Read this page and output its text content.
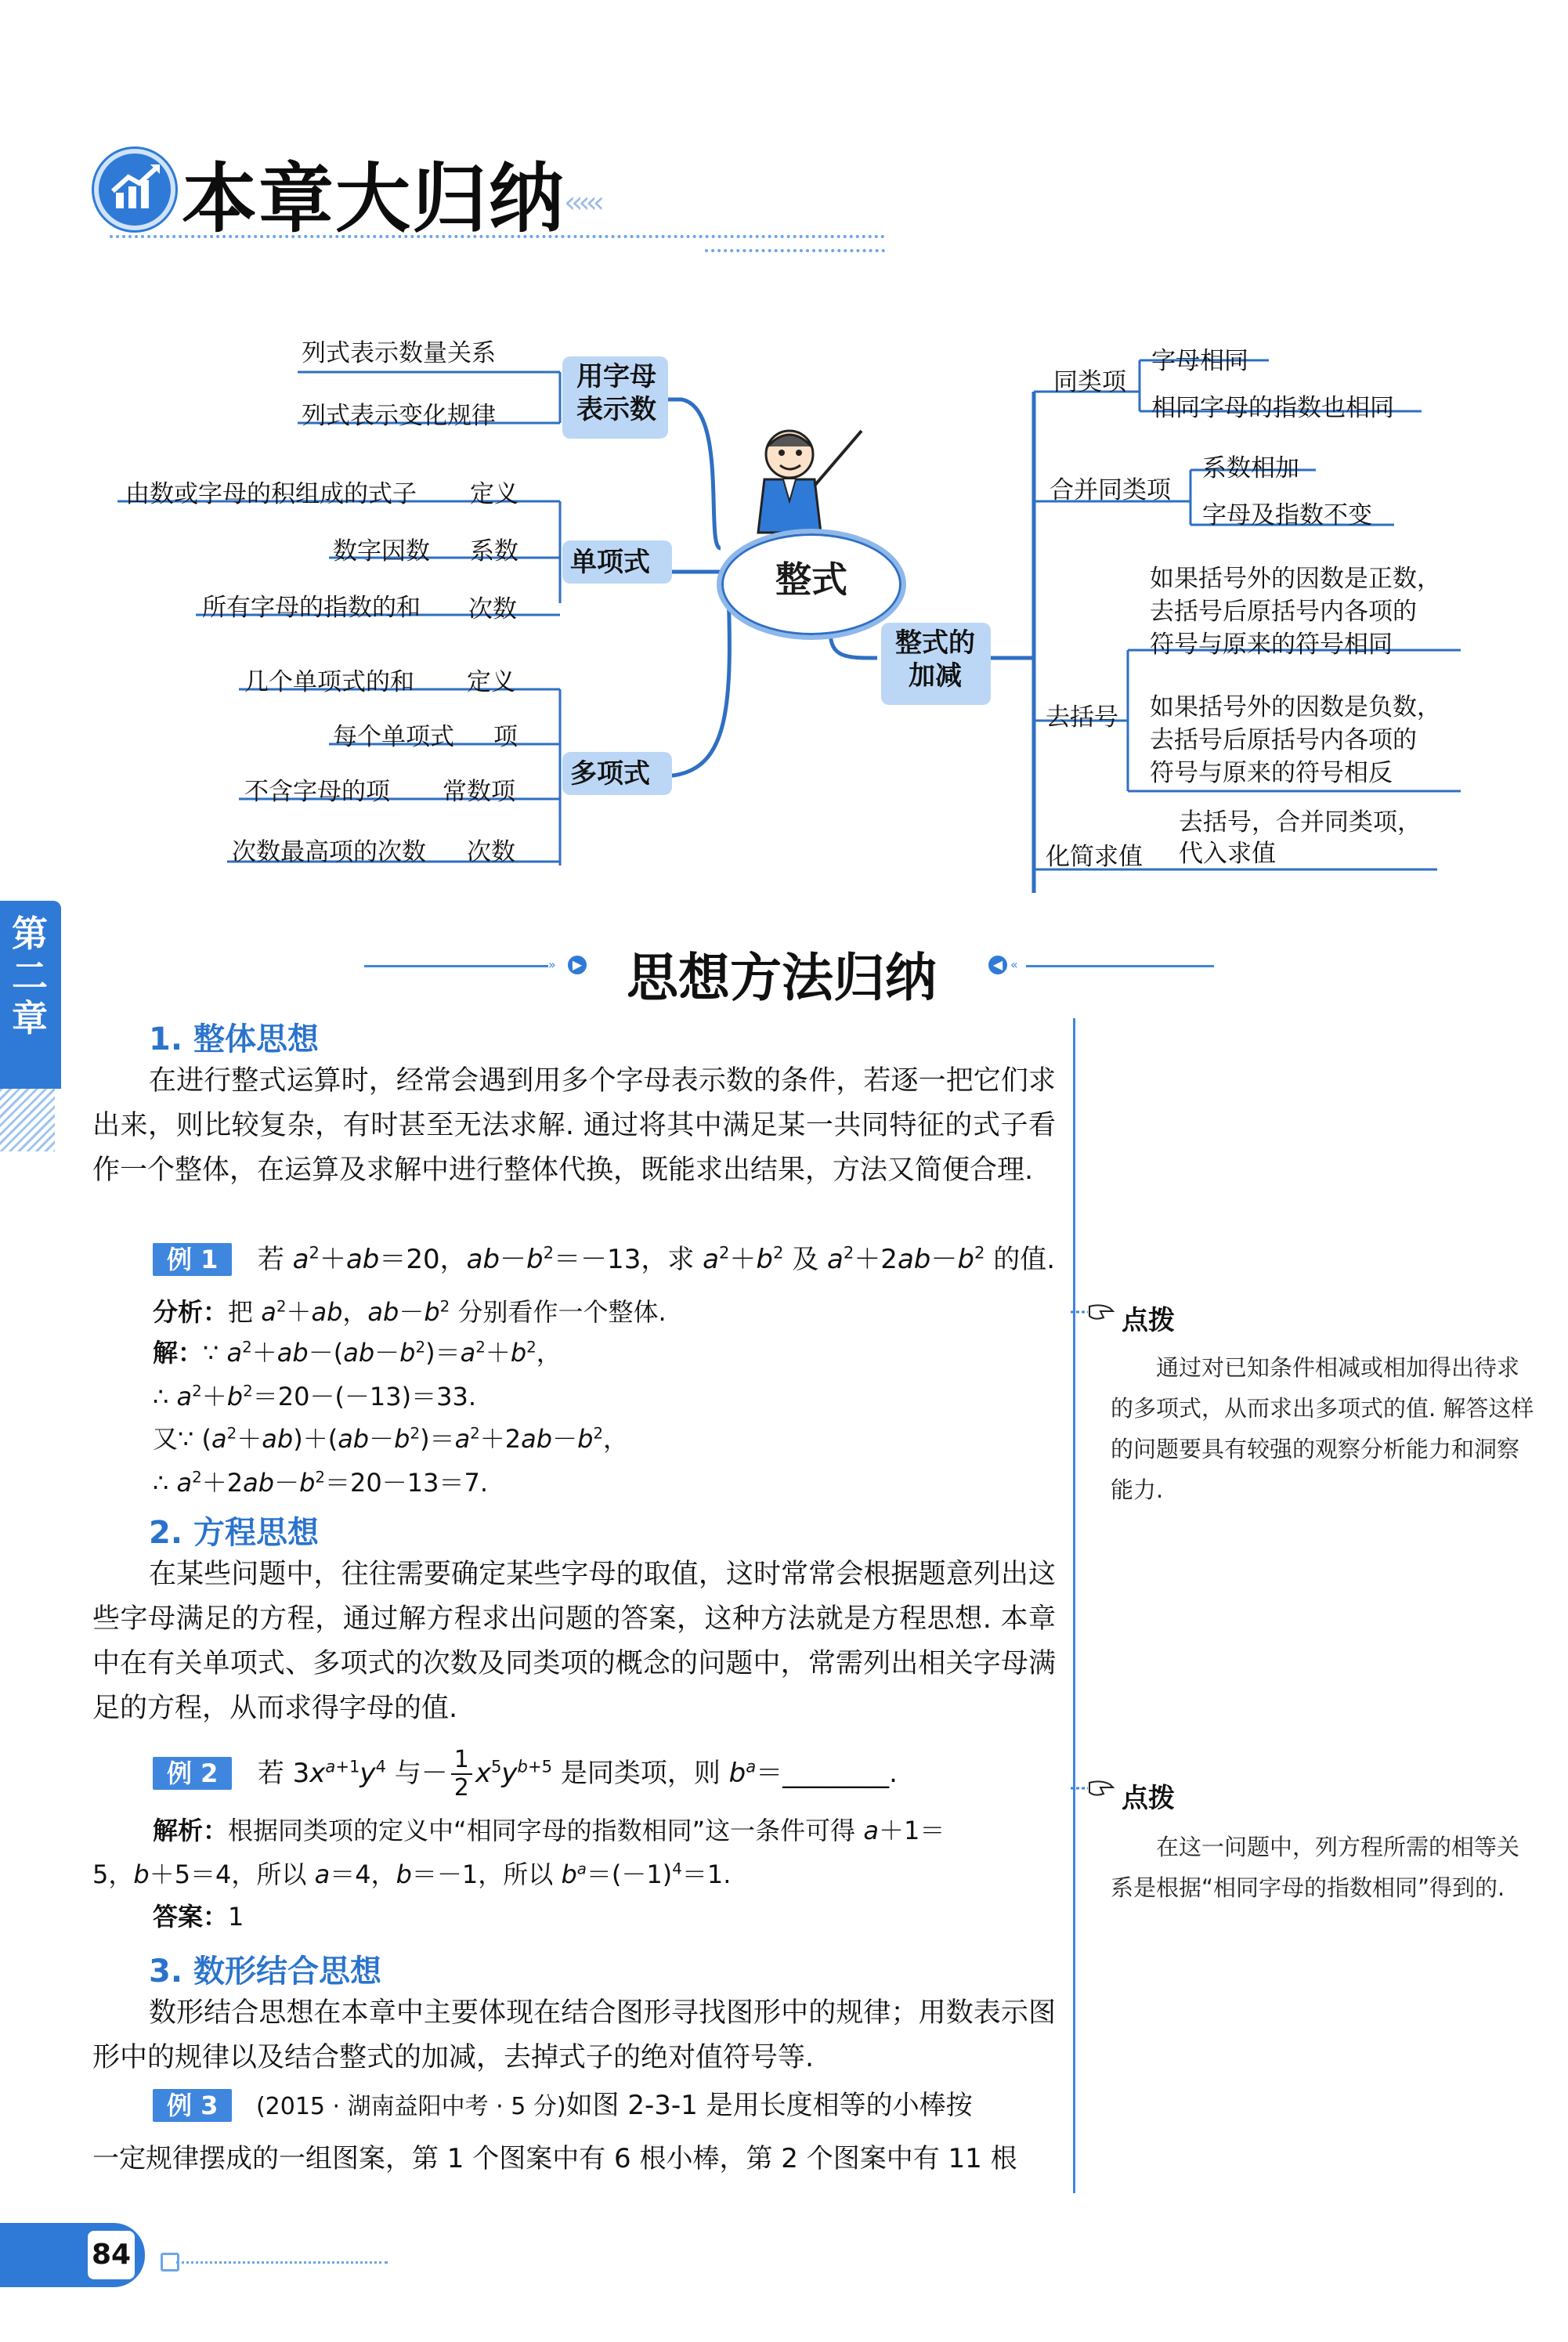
本章大归纳
‹‹‹‹‹
用字母
表示数
单项式
多项式
整式的
加减
整式
列式表示数量关系
列式表示变化规律
由数或字母的积组成的式子 定义
数字因数 系数
所有字母的指数的和 次数
几个单项式的和 定义
每个单项式 项
不含字母的项 常数项
次数最高项的次数 次数
同类项
字母相同
相同字母的指数也相同
合并同类项
系数相加
字母及指数不变
去括号
如果括号外的因数是正数，
去括号后原括号内各项的
符号与原来的符号相同
如果括号外的因数是负数，
去括号后原括号内各项的
符号与原来的符号相反
化简求值
去括号，合并同类项，
代入求值
第二章
»	▶ 思想方法归纳	◀ «
1. 整体思想
在进行整式运算时，经常会遇到用多个字母表示数的条件，若逐一把它们求出来，则比较复杂，有时甚至无法求解. 通过将其中满足某一共同特征的式子看作一个整体，在运算及求解中进行整体代换，既能求出结果，方法又简便合理.
例 1   若 $a^2+ab=20$，$ab-b^2=-13$，求 $a^2+b^2$ 及 $a^2+2ab-b^2$ 的值.
分析：把 $a^2+ab$，$ab-b^2$ 分别看作一个整体.
解：∵ $a^2+ab-(ab-b^2)=a^2+b^2$，
∴ $a^2+b^2=20-(-13)=33$.
又∵ $(a^2+ab)+(ab-b^2)=a^2+2ab-b^2$，
∴ $a^2+2ab-b^2=20-13=7$.
2. 方程思想
在某些问题中，往往需要确定某些字母的取值，这时常常会根据题意列出这些字母满足的方程，通过解方程求出问题的答案，这种方法就是方程思想. 本章中在有关单项式、多项式的次数及同类项的概念的问题中，常需列出相关字母满足的方程，从而求得字母的值.
例 2   若 $3x^{a+1}y^4$ 与－ $\frac{1}{2} x^5y^{b+5}$ 是同类项，则 $b^a=\_\_\_\_\_\_\_\_$.
解析：根据同类项的定义中“相同字母的指数相同”这一条件可得 a＋1＝
5，b＋5＝4，所以 a＝4，b＝－1，所以 $b^a=(-1)^4=1$.
答案：1
3. 数形结合思想
数形结合思想在本章中主要体现在结合图形寻找图形中的规律；用数表示图形中的规律以及结合整式的加减，去掉式子的绝对值符号等.
例 3 (2015 · 湖南益阳中考 · 5 分)如图 2-3-1 是用长度相等的小棒按
一定规律摆成的一组图案，第 1 个图案中有 6 根小棒，第 2 个图案中有 11 根
点拨
通过对已知条件相减或相加得出待求的多项式，从而求出多项式的值. 解答这样的问题要具有较强的观察分析能力和洞察能力.
点拨
在这一问题中，列方程所需的相等关系是根据“相同字母的指数相同”得到的.
84
